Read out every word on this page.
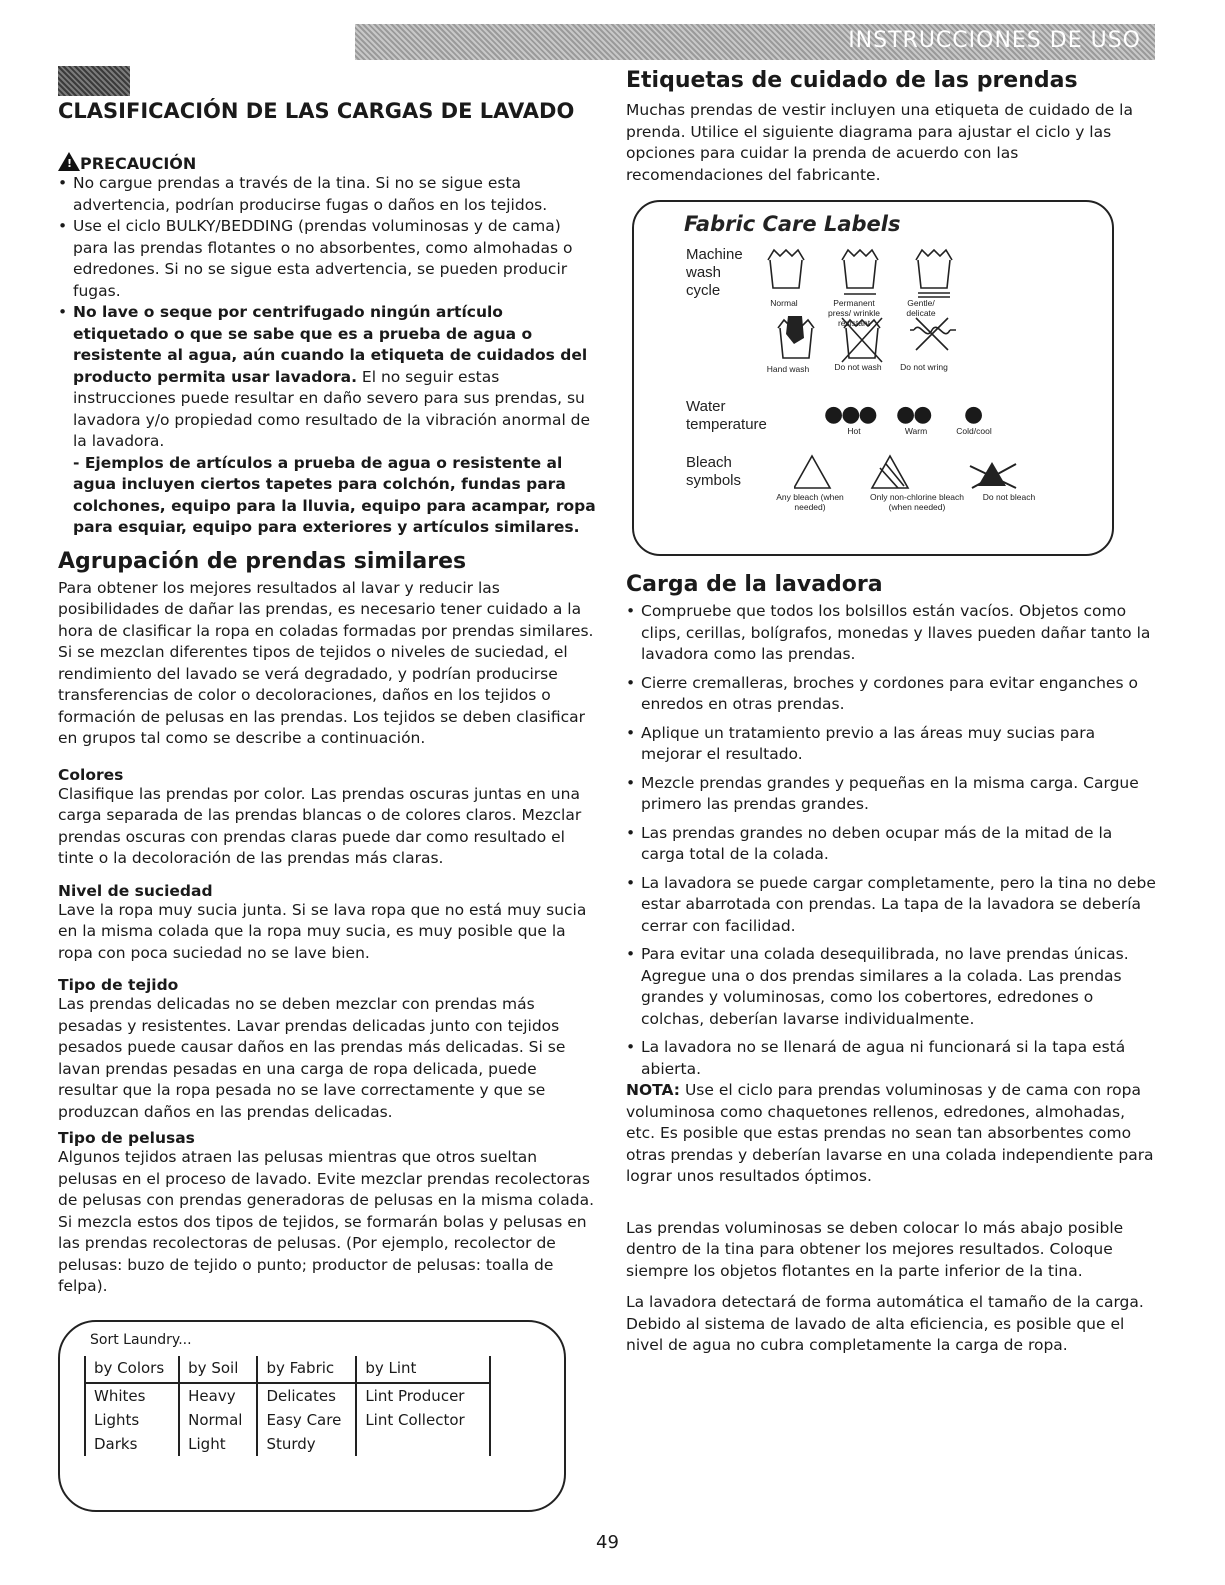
INSTRUCCIONES DE USO
CLASIFICACIÓN DE LAS CARGAS DE LAVADO
! PRECAUCIÓN
• No cargue prendas a través de la tina. Si no se sigue esta advertencia, podrían producirse fugas o daños en los tejidos.
• Use el ciclo BULKY/BEDDING (prendas voluminosas y de cama) para las prendas flotantes o no absorbentes, como almohadas o edredones. Si no se sigue esta advertencia, se pueden producir fugas.
• No lave o seque por centrifugado ningún artículo etiquetado o que se sabe que es a prueba de agua o resistente al agua, aún cuando la etiqueta de cuidados del producto permita usar lavadora. El no seguir estas instrucciones puede resultar en daño severo para sus prendas, su lavadora y/o propiedad como resultado de la vibración anormal de la lavadora.

- Ejemplos de artículos a prueba de agua o resistente al agua incluyen ciertos tapetes para colchón, fundas para colchones, equipo para la lluvia, equipo para acampar, ropa para esquiar, equipo para exteriores y artículos similares.

Agrupación de prendas similares

Para obtener los mejores resultados al lavar y reducir las posibilidades de dañar las prendas, es necesario tener cuidado a la hora de clasificar la ropa en coladas formadas por prendas similares. Si se mezclan diferentes tipos de tejidos o niveles de suciedad, el rendimiento del lavado se verá degradado, y podrían producirse transferencias de color o decoloraciones, daños en los tejidos o formación de pelusas en las prendas. Los tejidos se deben clasificar en grupos tal como se describe a continuación.

Colores

Clasifique las prendas por color. Las prendas oscuras juntas en una carga separada de las prendas blancas o de colores claros. Mezclar prendas oscuras con prendas claras puede dar como resultado el tinte o la decoloración de las prendas más claras.

Nivel de suciedad

Lave la ropa muy sucia junta. Si se lava ropa que no está muy sucia en la misma colada que la ropa muy sucia, es muy posible que la ropa con poca suciedad no se lave bien.

Tipo de tejido

Las prendas delicadas no se deben mezclar con prendas más pesadas y resistentes. Lavar prendas delicadas junto con tejidos pesados puede causar daños en las prendas más delicadas. Si se lavan prendas pesadas en una carga de ropa delicada, puede resultar que la ropa pesada no se lave correctamente y que se produzcan daños en las prendas delicadas.

Tipo de pelusas

Algunos tejidos atraen las pelusas mientras que otros sueltan pelusas en el proceso de lavado. Evite mezclar prendas recolectoras de pelusas con prendas generadoras de pelusas en la misma colada. Si mezcla estos dos tipos de tejidos, se formarán bolas y pelusas en las prendas recolectoras de pelusas. (Por ejemplo, recolector de pelusas: buzo de tejido o punto; productor de pelusas: toalla de felpa).

Sort Laundry...
by Colors	by Soil	by Fabric	by Lint
Whites	Heavy	Delicates	Lint Producer
Lights	Normal	Easy Care	Lint Collector
Darks	Light	Sturdy	
Etiquetas de cuidado de las prendas

Muchas prendas de vestir incluyen una etiqueta de cuidado de la prenda. Utilice el siguiente diagrama para ajustar el ciclo y las opciones para cuidar la prenda de acuerdo con las recomendaciones del fabricante.

Fabric Care Labels
Machine wash cycle
Normal	Permanent press/ wrinkle resistant
Gentle/ delicate
Hand wash	Do not wash	Do not wring
Water temperature	●●● ●● ●
Hot	Warm	Cold/cool
Bleach symbols
Any bleach (when needed)
Only non-chlorine bleach (when needed)
Do not bleach
Carga de la lavadora
• Compruebe que todos los bolsillos están vacíos. Objetos como clips, cerillas, bolígrafos, monedas y llaves pueden dañar tanto la lavadora como las prendas.
• Cierre cremalleras, broches y cordones para evitar enganches o enredos en otras prendas.
• Aplique un tratamiento previo a las áreas muy sucias para mejorar el resultado.
• Mezcle prendas grandes y pequeñas en la misma carga. Cargue primero las prendas grandes.
• Las prendas grandes no deben ocupar más de la mitad de la carga total de la colada.
• La lavadora se puede cargar completamente, pero la tina no debe estar abarrotada con prendas. La tapa de la lavadora se debería cerrar con facilidad.
• Para evitar una colada desequilibrada, no lave prendas únicas. Agregue una o dos prendas similares a la colada. Las prendas grandes y voluminosas, como los cobertores, edredones o colchas, deberían lavarse individualmente.
• La lavadora no se llenará de agua ni funcionará si la tapa está abierta.

NOTA: Use el ciclo para prendas voluminosas y de cama con ropa voluminosa como chaquetones rellenos, edredones, almohadas, etc. Es posible que estas prendas no sean tan absorbentes como otras prendas y deberían lavarse en una colada independiente para lograr unos resultados óptimos.

Las prendas voluminosas se deben colocar lo más abajo posible dentro de la tina para obtener los mejores resultados. Coloque siempre los objetos flotantes en la parte inferior de la tina.

La lavadora detectará de forma automática el tamaño de la carga. Debido al sistema de lavado de alta eficiencia, es posible que el nivel de agua no cubra completamente la carga de ropa.

49
